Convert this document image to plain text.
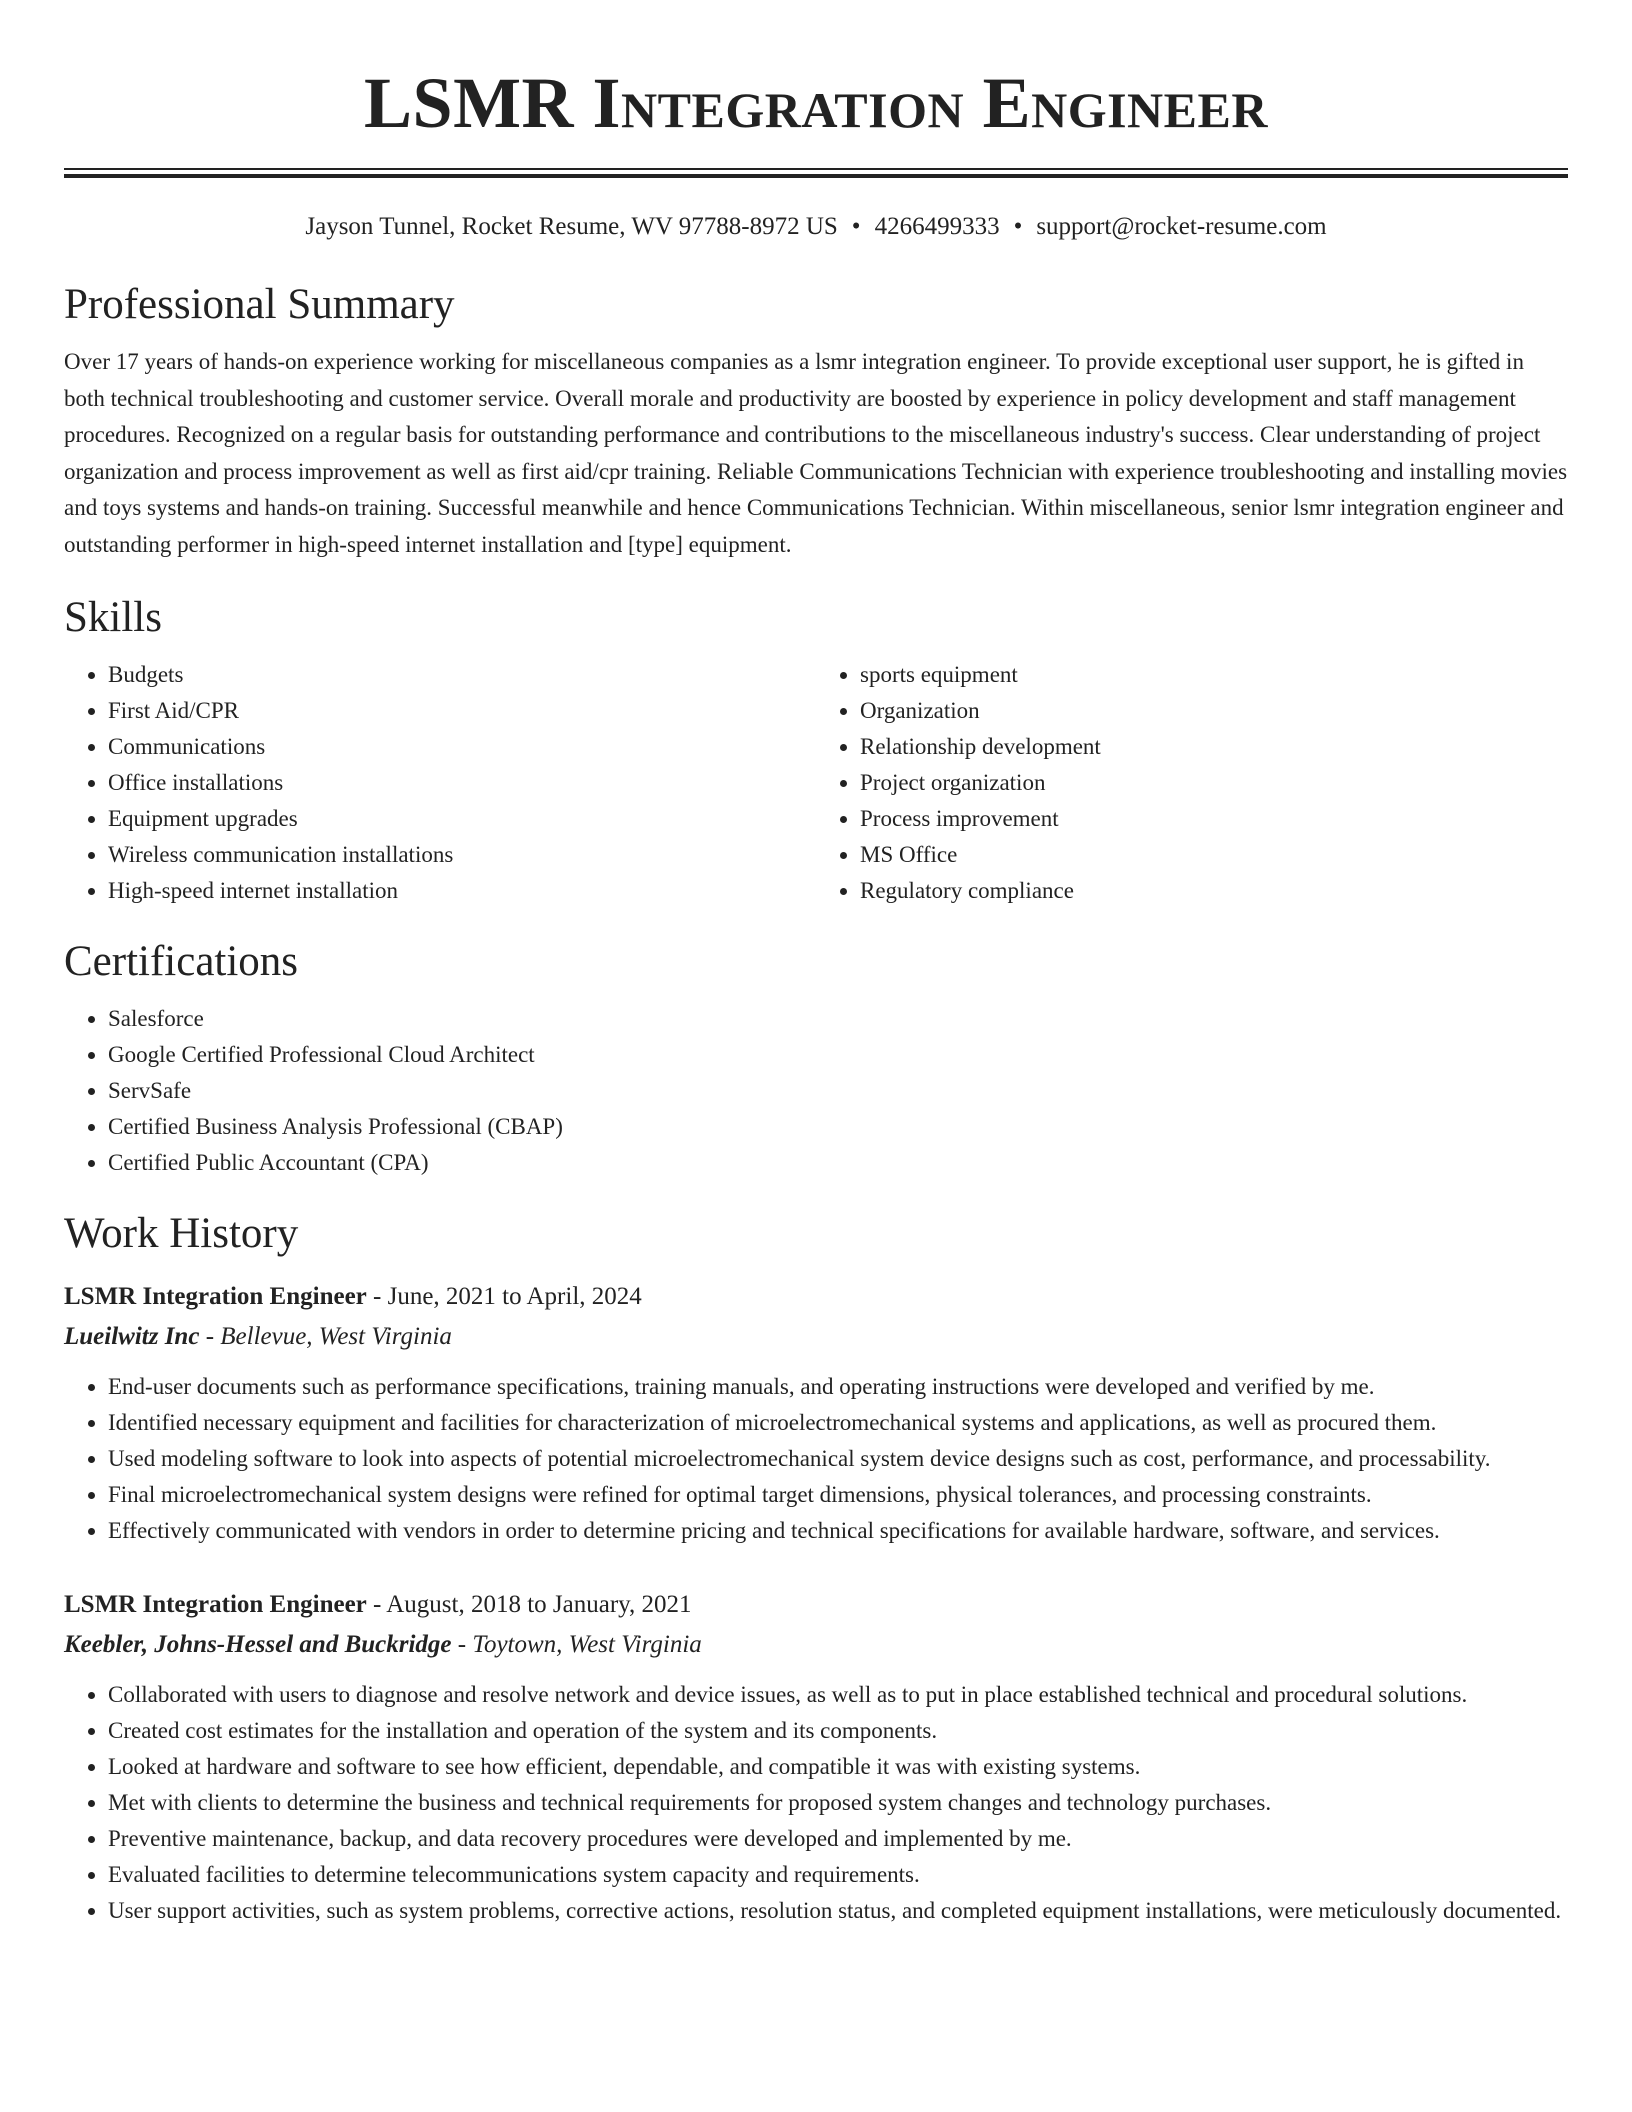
LSMR Integration Engineer
Jayson Tunnel, Rocket Resume, WV 97788-8972 US • 4266499333 • support@rocket-resume.com
Professional Summary

Over 17 years of hands-on experience working for miscellaneous companies as a lsmr integration engineer. To provide exceptional user support, he is gifted in both technical troubleshooting and customer service. Overall morale and productivity are boosted by experience in policy development and staff management procedures. Recognized on a regular basis for outstanding performance and contributions to the miscellaneous industry's success. Clear understanding of project organization and process improvement as well as first aid/cpr training. Reliable Communications Technician with experience troubleshooting and installing movies and toys systems and hands-on training. Successful meanwhile and hence Communications Technician. Within miscellaneous, senior lsmr integration engineer and outstanding performer in high-speed internet installation and [type] equipment.

Skills
• Budgets
• First Aid/CPR
• Communications
• Office installations
• Equipment upgrades
• Wireless communication installations
• High-speed internet installation
• sports equipment
• Organization
• Relationship development
• Project organization
• Process improvement
• MS Office
• Regulatory compliance
Certifications
• Salesforce
• Google Certified Professional Cloud Architect
• ServSafe
• Certified Business Analysis Professional (CBAP)
• Certified Public Accountant (CPA)
Work History
LSMR Integration Engineer - June, 2021 to April, 2024
Lueilwitz Inc - Bellevue, West Virginia
• End-user documents such as performance specifications, training manuals, and operating instructions were developed and verified by me.
• Identified necessary equipment and facilities for characterization of microelectromechanical systems and applications, as well as procured them.
• Used modeling software to look into aspects of potential microelectromechanical system device designs such as cost, performance, and processability.
• Final microelectromechanical system designs were refined for optimal target dimensions, physical tolerances, and processing constraints.
• Effectively communicated with vendors in order to determine pricing and technical specifications for available hardware, software, and services.
LSMR Integration Engineer - August, 2018 to January, 2021
Keebler, Johns-Hessel and Buckridge - Toytown, West Virginia
• Collaborated with users to diagnose and resolve network and device issues, as well as to put in place established technical and procedural solutions.
• Created cost estimates for the installation and operation of the system and its components.
• Looked at hardware and software to see how efficient, dependable, and compatible it was with existing systems.
• Met with clients to determine the business and technical requirements for proposed system changes and technology purchases.
• Preventive maintenance, backup, and data recovery procedures were developed and implemented by me.
• Evaluated facilities to determine telecommunications system capacity and requirements.
• User support activities, such as system problems, corrective actions, resolution status, and completed equipment installations, were meticulously documented.
